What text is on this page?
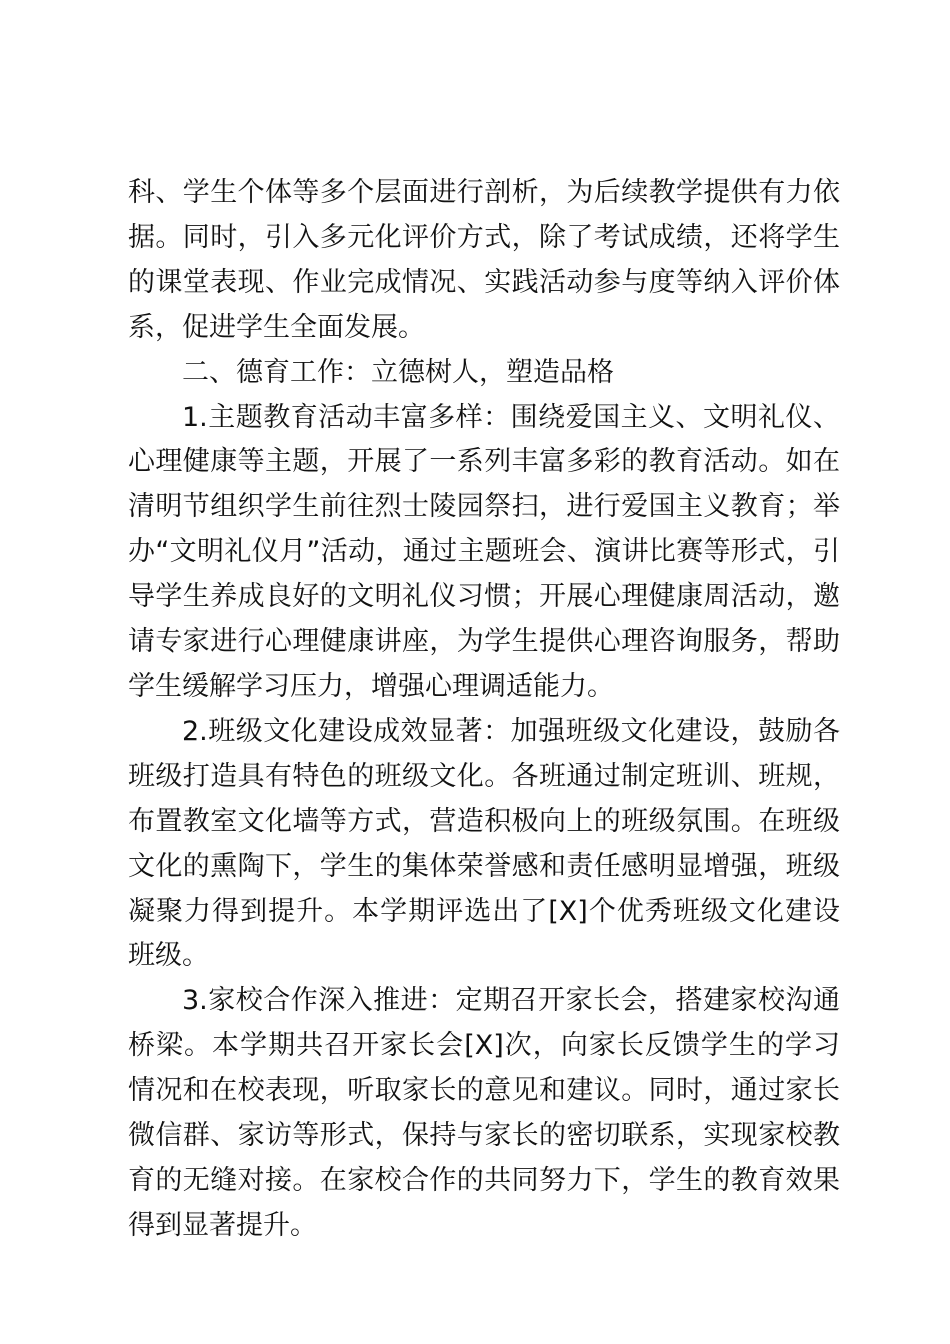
科、学生个体等多个层面进行剖析，为后续教学提供有力依据。同时，引入多元化评价方式，除了考试成绩，还将学生的课堂表现、作业完成情况、实践活动参与度等纳入评价体系，促进学生全面发展。

二、德育工作：立德树人，塑造品格

1.主题教育活动丰富多样：围绕爱国主义、文明礼仪、心理健康等主题，开展了一系列丰富多彩的教育活动。如在清明节组织学生前往烈士陵园祭扫，进行爱国主义教育；举办“文明礼仪月”活动，通过主题班会、演讲比赛等形式，引导学生养成良好的文明礼仪习惯；开展心理健康周活动，邀请专家进行心理健康讲座，为学生提供心理咨询服务，帮助学生缓解学习压力，增强心理调适能力。

2.班级文化建设成效显著：加强班级文化建设，鼓励各班级打造具有特色的班级文化。各班通过制定班训、班规，布置教室文化墙等方式，营造积极向上的班级氛围。在班级文化的熏陶下，学生的集体荣誉感和责任感明显增强，班级凝聚力得到提升。本学期评选出了[X]个优秀班级文化建设班级。

3.家校合作深入推进：定期召开家长会，搭建家校沟通桥梁。本学期共召开家长会[X]次，向家长反馈学生的学习情况和在校表现，听取家长的意见和建议。同时，通过家长微信群、家访等形式，保持与家长的密切联系，实现家校教育的无缝对接。在家校合作的共同努力下，学生的教育效果得到显著提升。
